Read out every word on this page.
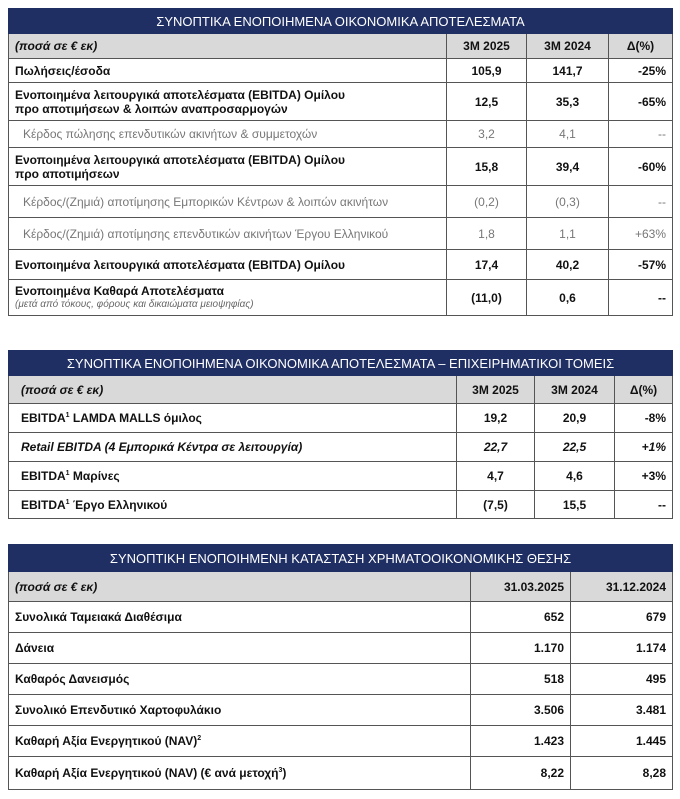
ΣΥΝΟΠΤΙΚΑ ΕΝΟΠΟΙΗΜΕΝΑ ΟΙΚΟΝΟΜΙΚΑ ΑΠΟΤΕΛΕΣΜΑΤΑ			
(ποσά σε € εκ)	3M 2025	3M 2024	Δ(%)
Πωλήσεις/έσοδα	105,9	141,7	-25%
Ενοποιημένα λειτουργικά αποτελέσματα (EBITDA) Ομίλου
προ αποτιμήσεων & λοιπών αναπροσαρμογών	12,5	35,3	-65%
Κέρδος πώλησης επενδυτικών ακινήτων & συμμετοχών	3,2	4,1	--
Ενοποιημένα λειτουργικά αποτελέσματα (EBITDA) Ομίλου
προ αποτιμήσεων	15,8	39,4	-60%
Κέρδος/(Ζημιά) αποτίμησης Εμπορικών Κέντρων & λοιπών ακινήτων	(0,2)	(0,3)	--
Κέρδος/(Ζημιά) αποτίμησης επενδυτικών ακινήτων Έργου Ελληνικού	1,8	1,1	+63%
Ενοποιημένα λειτουργικά αποτελέσματα (EBITDA) Ομίλου	17,4	40,2	-57%
Ενοποιημένα Καθαρά Αποτελέσματα
(μετά από τόκους, φόρους και δικαιώματα μειοψηφίας)	(11,0)	0,6	--
ΣΥΝΟΠΤΙΚΑ ΕΝΟΠΟΙΗΜΕΝΑ ΟΙΚΟΝΟΜΙΚΑ ΑΠΟΤΕΛΕΣΜΑΤΑ – ΕΠΙΧΕΙΡΗΜΑΤΙΚΟΙ ΤΟΜΕΙΣ			
(ποσά σε € εκ)	3M 2025	3M 2024	Δ(%)
EBITDA$^1$ LAMDA MALLS όμιλος	19,2	20,9	-8%
Retail EBITDA (4 Εμπορικά Κέντρα σε λειτουργία)	22,7	22,5	+1%
EBITDA$^1$ Μαρίνες	4,7	4,6	+3%
EBITDA$^1$ Έργο Ελληνικού	(7,5)	15,5	--
ΣΥΝΟΠΤΙΚΗ ΕΝΟΠΟΙΗΜΕΝΗ ΚΑΤΑΣΤΑΣΗ ΧΡΗΜΑΤΟΟΙΚΟΝΟΜΙΚΗΣ ΘΕΣΗΣ		
(ποσά σε € εκ)	31.03.2025	31.12.2024
Συνολικά Ταμειακά Διαθέσιμα	652	679
Δάνεια	1.170	1.174
Καθαρός Δανεισμός	518	495
Συνολικό Επενδυτικό Χαρτοφυλάκιο	3.506	3.481
Καθαρή Αξία Ενεργητικού (NAV)$^2$	1.423	1.445
Καθαρή Αξία Ενεργητικού (NAV) (€ ανά μετοχή$^3$)	8,22	8,28
